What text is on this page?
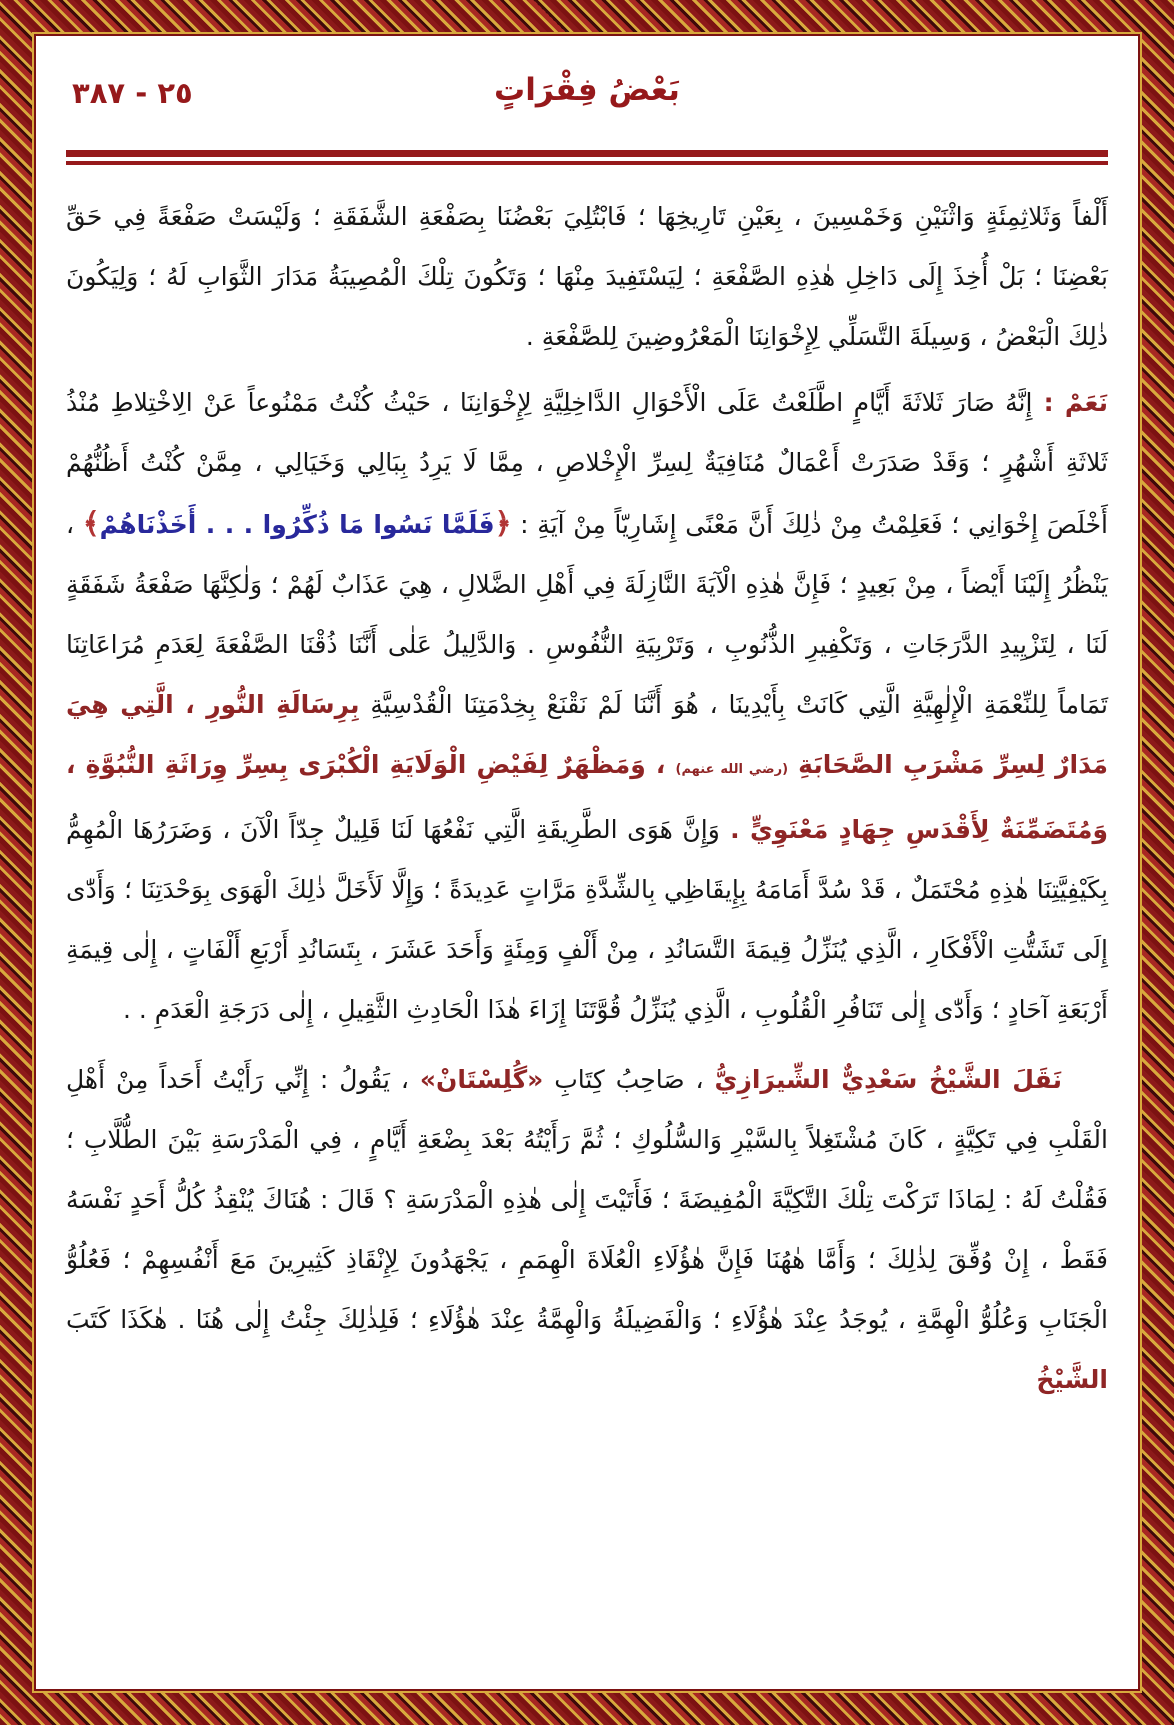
٢٥ - ٣٨٧	بَعْضُ فِقْرَاتٍ

أَلْفاً وَثَلاثِمِئَةٍ وَاثْنَيْنِ وَخَمْسِينَ ، بِعَيْنِ تَارِيخِهَا ؛ فَابْتُلِيَ بَعْضُنَا بِصَفْعَةِ الشَّفَقَةِ ؛ وَلَيْسَتْ صَفْعَةً فِي حَقِّ بَعْضِنَا ؛ بَلْ أُخِذَ إِلَى دَاخِلِ هٰذِهِ الصَّفْعَةِ ؛ لِيَسْتَفِيدَ مِنْهَا ؛ وَتَكُونَ تِلْكَ الْمُصِيبَةُ مَدَارَ الثَّوَابِ لَهُ ؛ وَلِيَكُونَ ذٰلِكَ الْبَعْضُ ، وَسِيلَةَ التَّسَلِّي لِإِخْوَانِنَا الْمَعْرُوضِينَ لِلصَّفْعَةِ .

نَعَمْ : إِنَّهُ صَارَ ثَلاثَةَ أَيَّامٍ اطَّلَعْتُ عَلَى الْأَحْوَالِ الدَّاخِلِيَّةِ لِإِخْوَانِنَا ، حَيْثُ كُنْتُ مَمْنُوعاً عَنْ الِاخْتِلاطِ مُنْذُ ثَلاثَةِ أَشْهُرٍ ؛ وَقَدْ صَدَرَتْ أَعْمَالٌ مُنَافِيَةٌ لِسِرِّ الْإِخْلاصِ ، مِمَّا لَا يَرِدُ بِبَالِي وَخَيَالِي ، مِمَّنْ كُنْتُ أَظُنُّهُمْ أَخْلَصَ إِخْوَانِي ؛ فَعَلِمْتُ مِنْ ذٰلِكَ أَنَّ مَعْنًى إِشَارِيّاً مِنْ آيَةِ : ﴿فَلَمَّا نَسُوا مَا ذُكِّرُوا . . . أَخَذْنَاهُمْ﴾ ، يَنْظُرُ إِلَيْنَا أَيْضاً ، مِنْ بَعِيدٍ ؛ فَإِنَّ هٰذِهِ الْآيَةَ النَّازِلَةَ فِي أَهْلِ الضَّلالِ ، هِيَ عَذَابٌ لَهُمْ ؛ وَلٰكِنَّهَا صَفْعَةُ شَفَقَةٍ لَنَا ، لِتَزْيِيدِ الدَّرَجَاتِ ، وَتَكْفِيرِ الذُّنُوبِ ، وَتَرْبِيَةِ النُّفُوسِ . وَالدَّلِيلُ عَلٰى أَنَّنَا ذُقْنَا الصَّفْعَةَ لِعَدَمِ مُرَاعَاتِنَا تَمَاماً لِلنِّعْمَةِ الْإِلٰهِيَّةِ الَّتِي كَانَتْ بِأَيْدِينَا ، هُوَ أَنَّنَا لَمْ نَقْنَعْ بِخِدْمَتِنَا الْقُدْسِيَّةِ بِرِسَالَةِ النُّورِ ، الَّتِي هِيَ مَدَارٌ لِسِرِّ مَشْرَبِ الصَّحَابَةِ (رضي الله عنهم) ، وَمَظْهَرٌ لِفَيْضِ الْوَلَايَةِ الْكُبْرَى بِسِرِّ وِرَاثَةِ النُّبُوَّةِ ، وَمُتَضَمِّنَةٌ لِأَقْدَسِ جِهَادٍ مَعْنَوِيٍّ . وَإِنَّ هَوَى الطَّرِيقَةِ الَّتِي نَفْعُهَا لَنَا قَلِيلٌ جِدّاً الْآنَ ، وَضَرَرُهَا الْمُهِمُّ بِكَيْفِيَّتِنَا هٰذِهِ مُحْتَمَلٌ ، قَدْ سُدَّ أَمَامَهُ بِإِيقَاظِي بِالشِّدَّةِ مَرَّاتٍ عَدِيدَةً ؛ وَإِلَّا لَأَخَلَّ ذٰلِكَ الْهَوَى بِوَحْدَتِنَا ؛ وَأَدّٰى إِلَى تَشَتُّتِ الْأَفْكَارِ ، الَّذِي يُنَزِّلُ قِيمَةَ التَّسَانُدِ ، مِنْ أَلْفٍ وَمِئَةٍ وَأَحَدَ عَشَرَ ، بِتَسَانُدِ أَرْبَعِ أَلْفَاتٍ ، إِلٰى قِيمَةِ أَرْبَعَةِ آحَادٍ ؛ وَأَدّٰى إِلٰى تَنَافُرِ الْقُلُوبِ ، الَّذِي يُنَزِّلُ قُوَّتَنَا إِزَاءَ هٰذَا الْحَادِثِ الثَّقِيلِ ، إِلٰى دَرَجَةِ الْعَدَمِ . .

نَقَلَ الشَّيْخُ سَعْدِيٌّ الشِّيرَازِيُّ ، صَاحِبُ كِتَابِ «گُلِسْتَانْ» ، يَقُولُ : إِنِّي رَأَيْتُ أَحَداً مِنْ أَهْلِ الْقَلْبِ فِي تَكِيَّةٍ ، كَانَ مُشْتَغِلاً بِالسَّيْرِ وَالسُّلُوكِ ؛ ثُمَّ رَأَيْتُهُ بَعْدَ بِضْعَةِ أَيَّامٍ ، فِي الْمَدْرَسَةِ بَيْنَ الطُّلَّابِ ؛ فَقُلْتُ لَهُ : لِمَاذَا تَرَكْتَ تِلْكَ التَّكِيَّةَ الْمُفِيضَةَ ؛ فَأَتَيْتَ إِلٰى هٰذِهِ الْمَدْرَسَةِ ؟ قَالَ : هُنَاكَ يُنْقِذُ كُلُّ أَحَدٍ نَفْسَهُ فَقَطْ ، إِنْ وُفِّقَ لِذٰلِكَ ؛ وَأَمَّا هٰهُنَا فَإِنَّ هٰؤُلَاءِ الْعُلَاةَ الْهِمَمِ ، يَجْهَدُونَ لِإِنْقَاذِ كَثِيرِينَ مَعَ أَنْفُسِهِمْ ؛ فَعُلُوُّ الْجَنَابِ وَعُلُوُّ الْهِمَّةِ ، يُوجَدُ عِنْدَ هٰؤُلَاءِ ؛ وَالْفَضِيلَةُ وَالْهِمَّةُ عِنْدَ هٰؤُلَاءِ ؛ فَلِذٰلِكَ جِئْتُ إِلٰى هُنَا . هٰكَذَا كَتَبَ الشَّيْخُ
